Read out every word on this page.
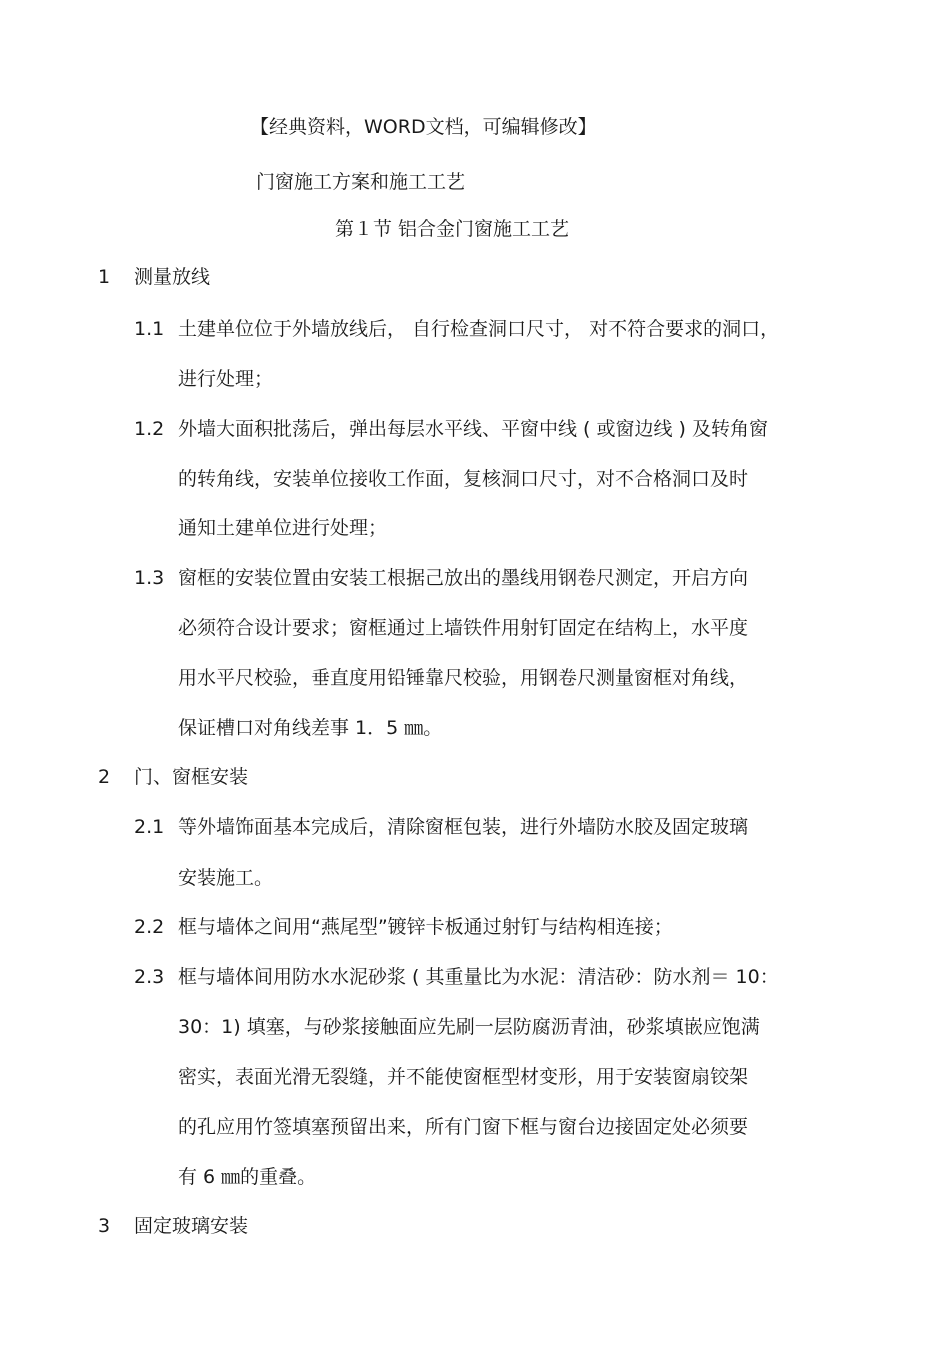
【经典资料，WORD文档，可编辑修改】
门窗施工方案和施工工艺
第１节 铝合金门窗施工工艺
1 测量放线
1.1 土建单位位于外墙放线后， 自行检查洞口尺寸， 对不符合要求的洞口，
进行处理；
1.2 外墙大面积批荡后，弹出每层水平线、平窗中线 ( 或窗边线 ) 及转角窗
的转角线，安装单位接收工作面，复核洞口尺寸，对不合格洞口及时
通知土建单位进行处理；
1.3 窗框的安装位置由安装工根据己放出的墨线用钢卷尺测定，开启方向
必须符合设计要求；窗框通过上墙铁件用射钉固定在结构上，水平度
用水平尺校验，垂直度用铅锤靠尺校验，用钢卷尺测量窗框对角线，
保证槽口对角线差事 1．5 ㎜。
2 门、窗框安装
2.1 等外墙饰面基本完成后，清除窗框包装，进行外墙防水胶及固定玻璃
安装施工。
2.2 框与墙体之间用“燕尾型”镀锌卡板通过射钉与结构相连接；
2.3 框与墙体间用防水水泥砂浆 ( 其重量比为水泥：清洁砂：防水剂＝ 10：
30：1) 填塞，与砂浆接触面应先刷一层防腐沥青油，砂浆填嵌应饱满
密实，表面光滑无裂缝，并不能使窗框型材变形，用于安装窗扇铰架
的孔应用竹签填塞预留出来，所有门窗下框与窗台边接固定处必须要
有 6 ㎜的重叠。
3 固定玻璃安装
